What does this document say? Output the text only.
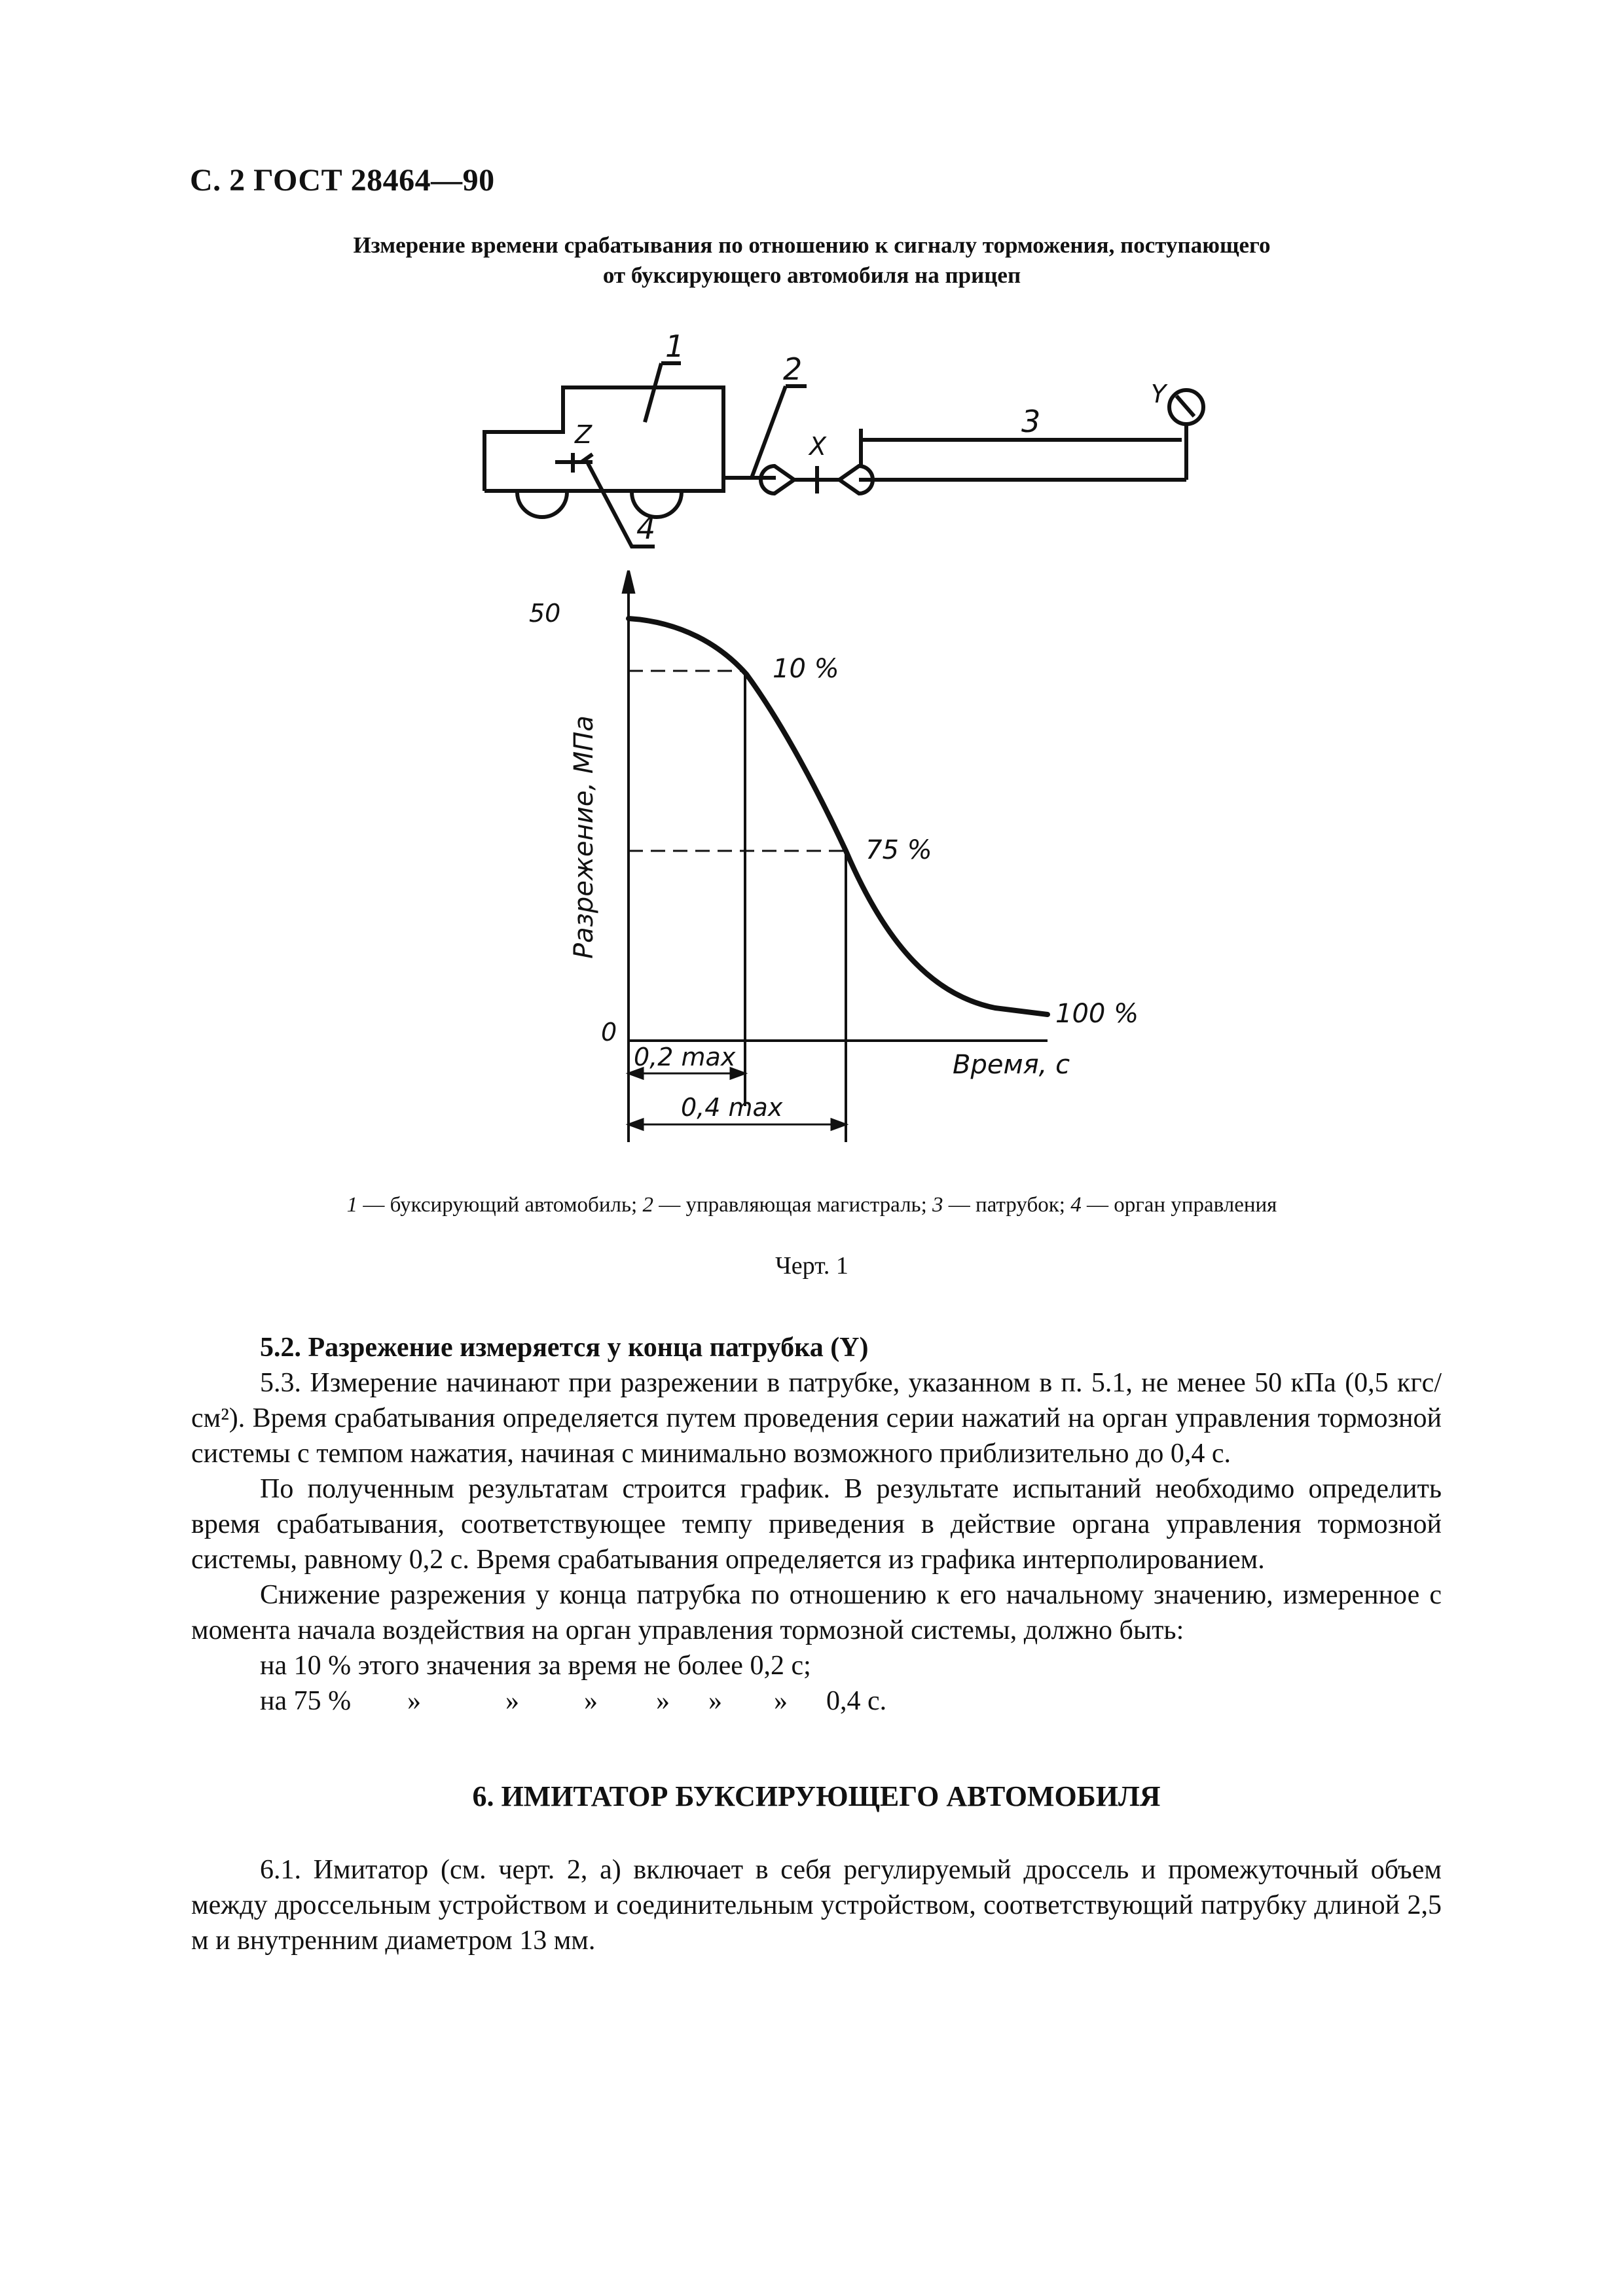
С. 2 ГОСТ 28464—90
Измерение времени срабатывания по отношению к сигналу торможения, поступающего
от буксирующего автомобиля на прицеп
1
2
3
4
Z	X
Y
50
0
Разрежение, МПа
Время, с
10 %
75 %
100 %
0,2 max
0,4 max
1 — буксирующий автомобиль; 2 — управляющая магистраль; 3 — патрубок; 4 — орган управления
Черт. 1

5.2. Разрежение измеряется у конца патрубка (Y)

5.3. Измерение начинают при разрежении в патрубке, указанном в п. 5.1, не менее 50 кПа (0,5 кгс/см²). Время срабатывания определяется путем проведения серии нажатий на орган управления тормозной системы с темпом нажатия, начиная с минимально возможного приблизительно до 0,4 с.

По полученным результатам строится график. В результате испытаний необходимо определить время срабатывания, соответствующее темпу приведения в действие органа управления тормозной системы, равному 0,2 с. Время срабатывания определяется из графика интерполированием.

Снижение разрежения у конца патрубка по отношению к его начальному значению, измеренное с момента начала воздействия на орган управления тормозной системы, должно быть:

на 10 % этого значения за время не более 0,2 с;

на 75 % »	» » » » » 0,4 с.
6. ИМИТАТОР БУКСИРУЮЩЕГО АВТОМОБИЛЯ

6.1. Имитатор (см. черт. 2, а) включает в себя регулируемый дроссель и промежуточный объем между дроссельным устройством и соединительным устройством, соответствующий патрубку длиной 2,5 м и внутренним диаметром 13 мм.
